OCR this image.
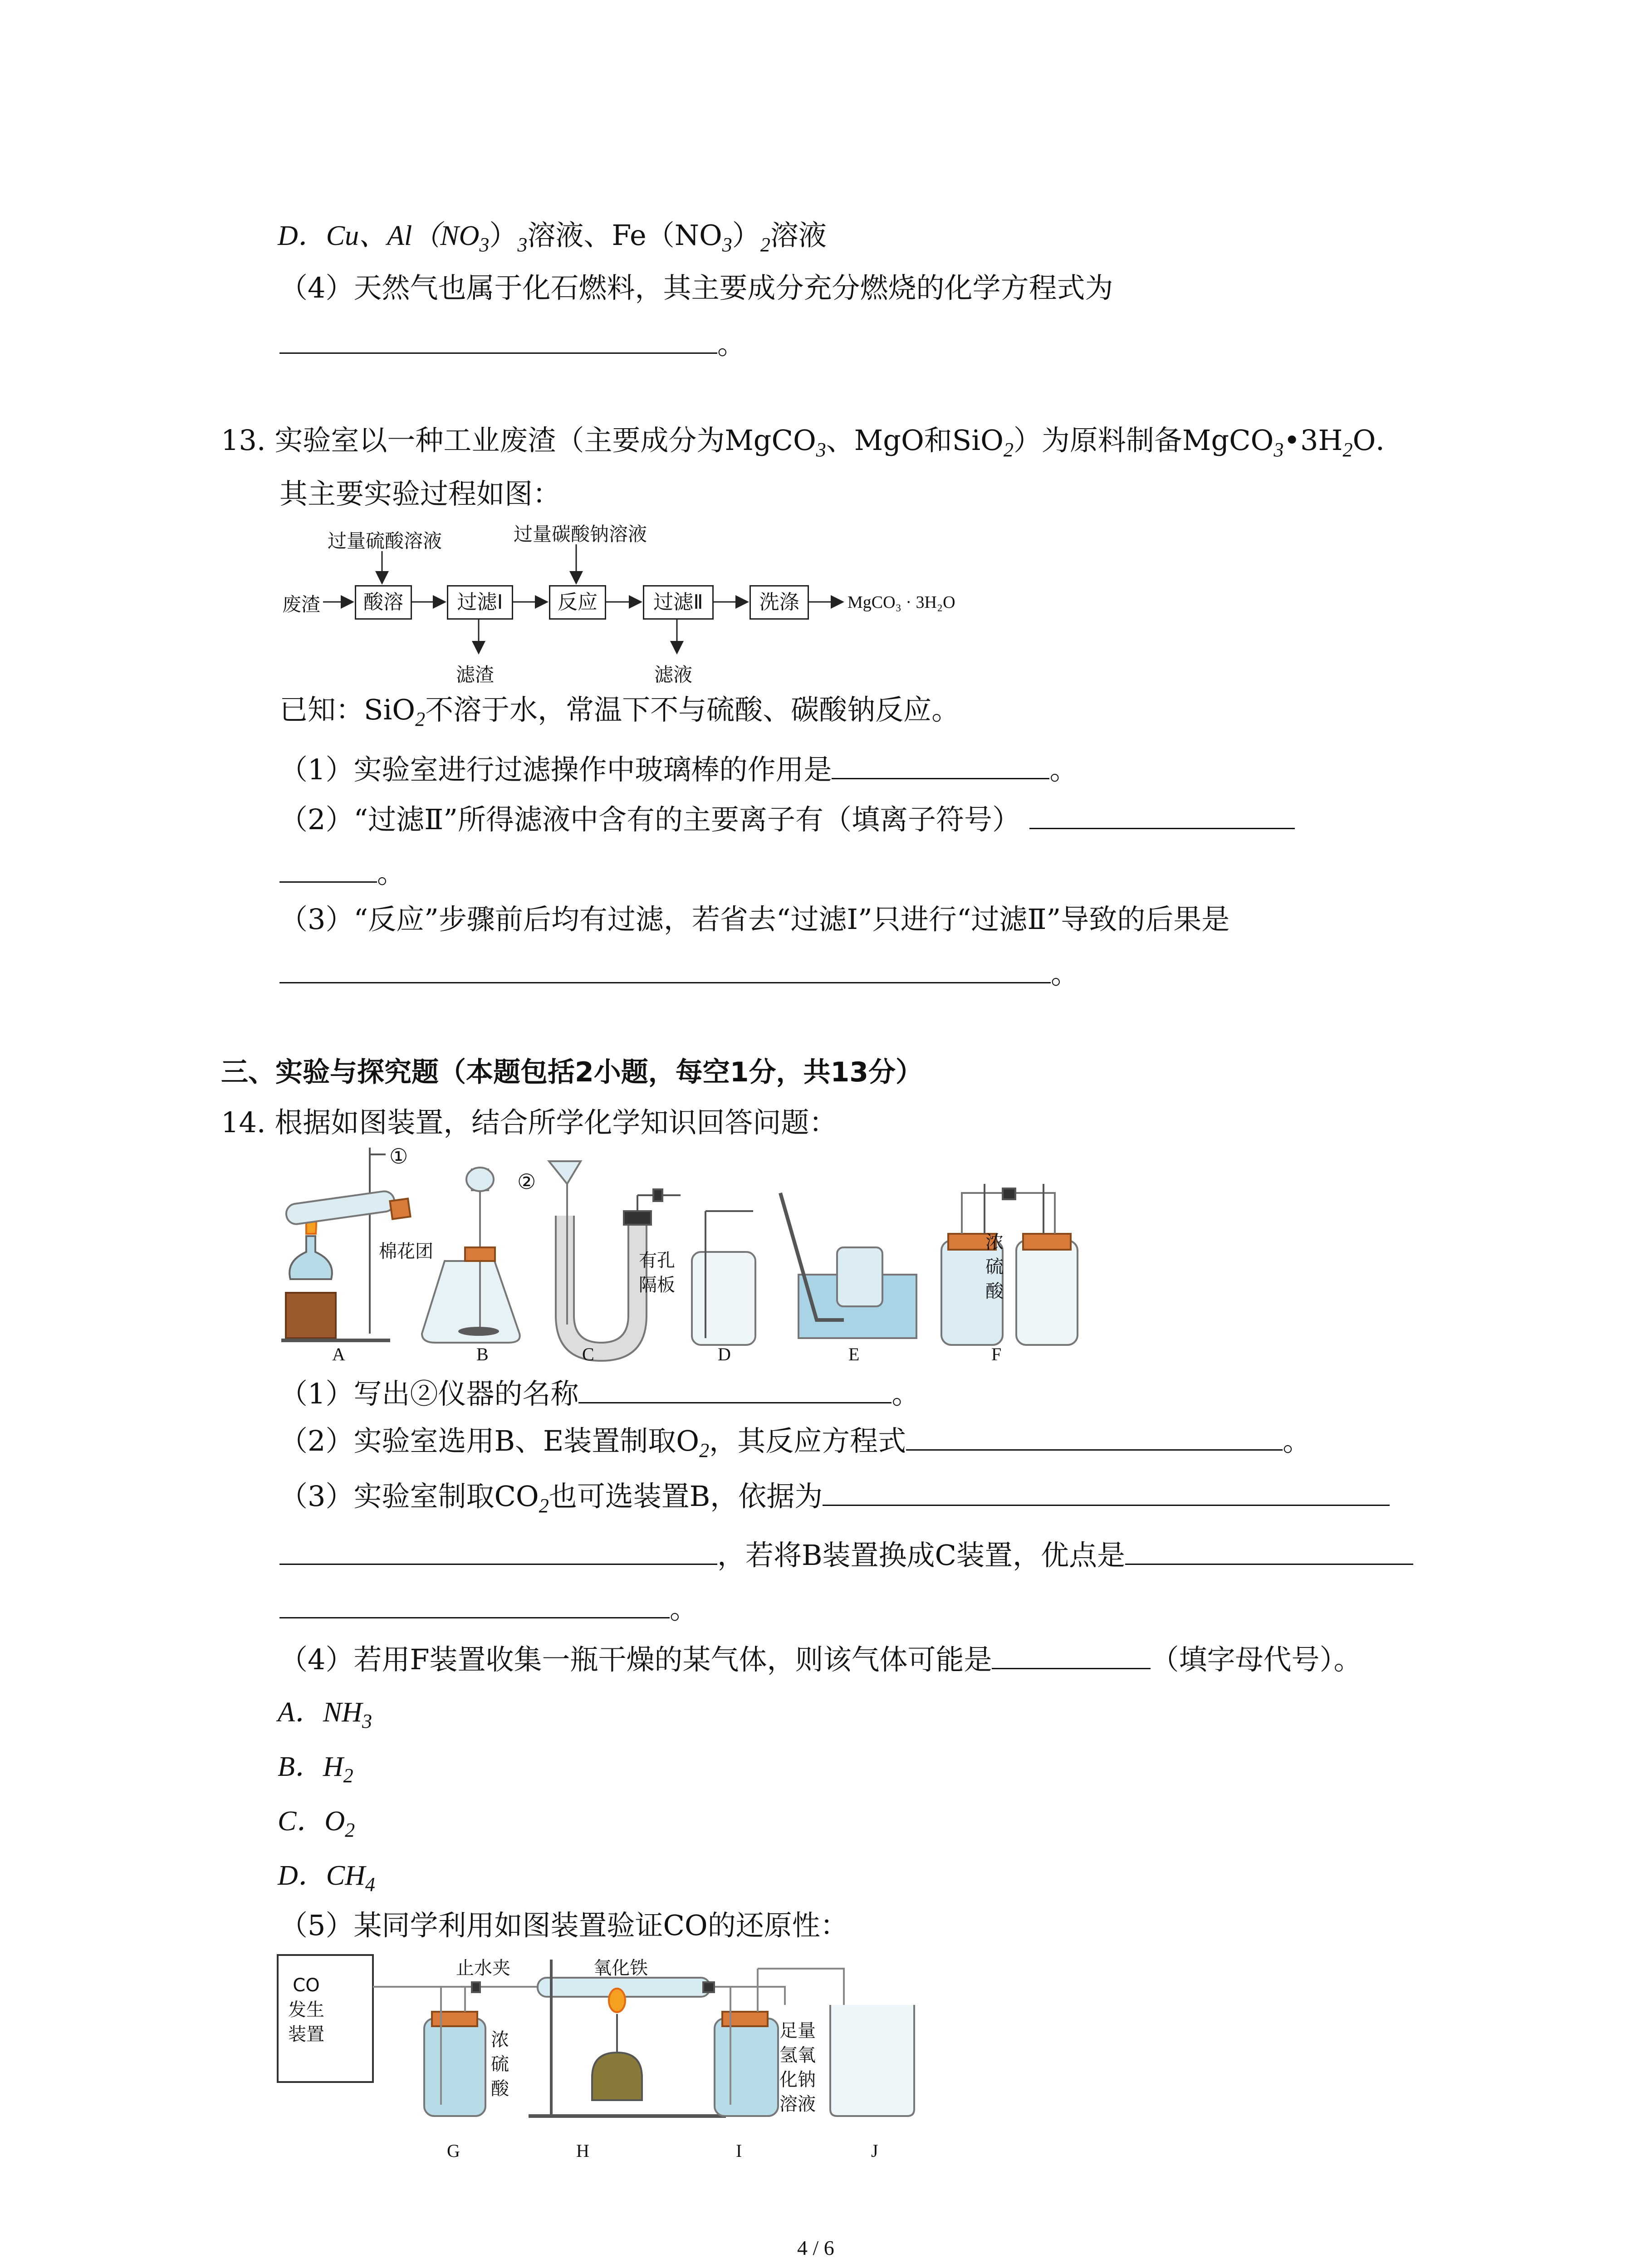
D．Cu、$Al(NO_3)_3$溶液、$Fe(NO_3)_2$溶液
（4）天然气也属于化石燃料，其主要成分充分燃烧的化学方程式为
。
13. 实验室以一种工业废渣（主要成分为MgCO$_3$、MgO和SiO$_2$）为原料制备$MgCO_3•3H_2O$．
其主要实验过程如图：
过量硫酸溶液	过量碳酸钠溶液
废渣	酸溶	过滤Ⅰ	反应	过滤Ⅱ	洗涤	MgCO₃ · 3H₂O
滤渣	滤液
已知：SiO$_2$不溶于水，常温下不与硫酸、碳酸钠反应。
（1）实验室进行过滤操作中玻璃棒的作用是	。
（2）“过滤Ⅱ”所得滤液中含有的主要离子有（填离子符号）
。
（3）“反应”步骤前后均有过滤，若省去“过滤Ⅰ”只进行“过滤Ⅱ”导致的后果是
。
三、实验与探究题（本题包括2小题，每空1分，共13分）
14. 根据如图装置，结合所学化学知识回答问题：
A	B	C	D	E	F
①
②
棉花团	有孔
隔板
浓
硫
酸
（1）写出②仪器的名称	。
（2）实验室选用B、E装置制取$O_2$，其反应方程式	。
（3）实验室制取$CO_2$也可选装置B，依据为
，若将B装置换成C装置，优点是
。
（4）若用F装置收集一瓶干燥的某气体，则该气体可能是	（填字母代号）。
A．$NH_3$
B．$H_2$
C．$O_2$
D．$CH_4$
（5）某同学利用如图装置验证CO的还原性：
CO
发生
装置
止水夹	氧化铁
浓
硫
酸
足量
氢氧
化钠
溶液
G	H	I	J
4 / 6
